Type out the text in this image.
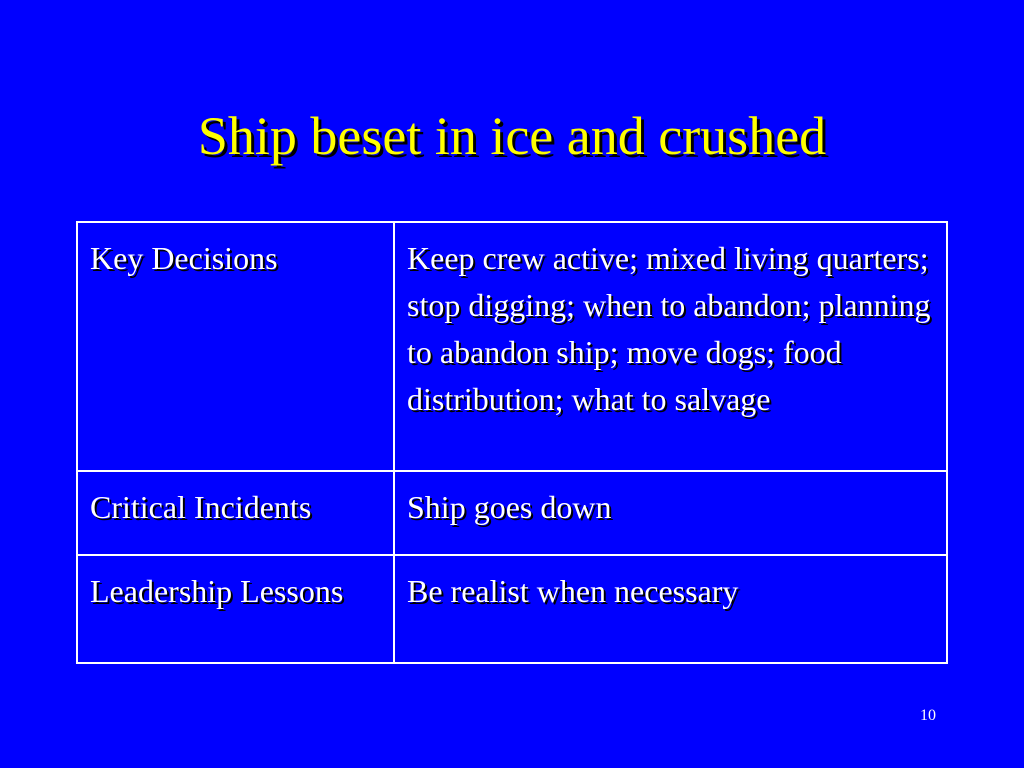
Ship beset in ice and crushed
Key Decisions	Keep crew active; mixed living quarters; stop digging; when to abandon; planning to abandon ship; move dogs; food distribution; what to salvage
Critical Incidents	Ship goes down
Leadership Lessons	Be realist when necessary
10
